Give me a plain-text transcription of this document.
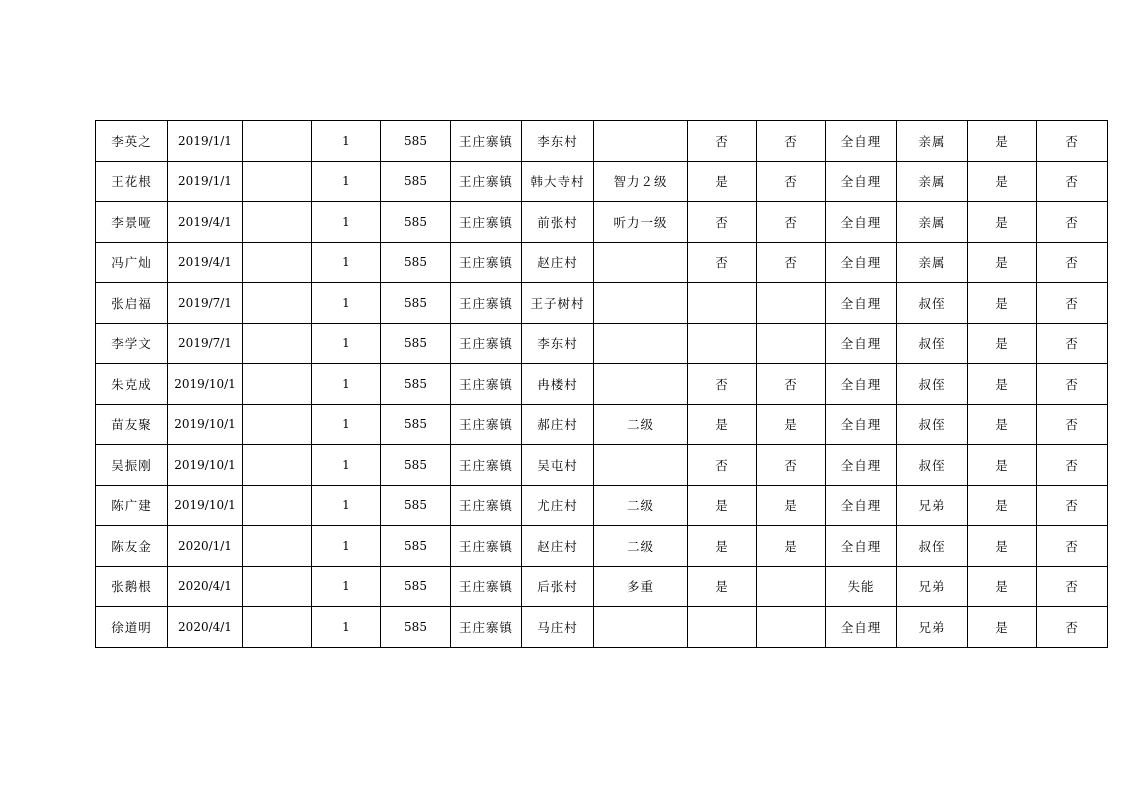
李英之	2019/1/1		1	585	王庄寨镇	李东村		否	否	全自理	亲属	是	否
王花根	2019/1/1		1	585	王庄寨镇	韩大寺村	智力２级	是	否	全自理	亲属	是	否
李景哑	2019/4/1		1	585	王庄寨镇	前张村	听力一级	否	否	全自理	亲属	是	否
冯广灿	2019/4/1		1	585	王庄寨镇	赵庄村		否	否	全自理	亲属	是	否
张启福	2019/7/1		1	585	王庄寨镇	王子树村				全自理	叔侄	是	否
李学文	2019/7/1		1	585	王庄寨镇	李东村				全自理	叔侄	是	否
朱克成	2019/10/1		1	585	王庄寨镇	冉楼村		否	否	全自理	叔侄	是	否
苗友聚	2019/10/1		1	585	王庄寨镇	郝庄村	二级	是	是	全自理	叔侄	是	否
吴振刚	2019/10/1		1	585	王庄寨镇	吴屯村		否	否	全自理	叔侄	是	否
陈广建	2019/10/1		1	585	王庄寨镇	尤庄村	二级	是	是	全自理	兄弟	是	否
陈友金	2020/1/1		1	585	王庄寨镇	赵庄村	二级	是	是	全自理	叔侄	是	否
张鹅根	2020/4/1		1	585	王庄寨镇	后张村	多重	是		失能	兄弟	是	否
徐道明	2020/4/1		1	585	王庄寨镇	马庄村				全自理	兄弟	是	否
